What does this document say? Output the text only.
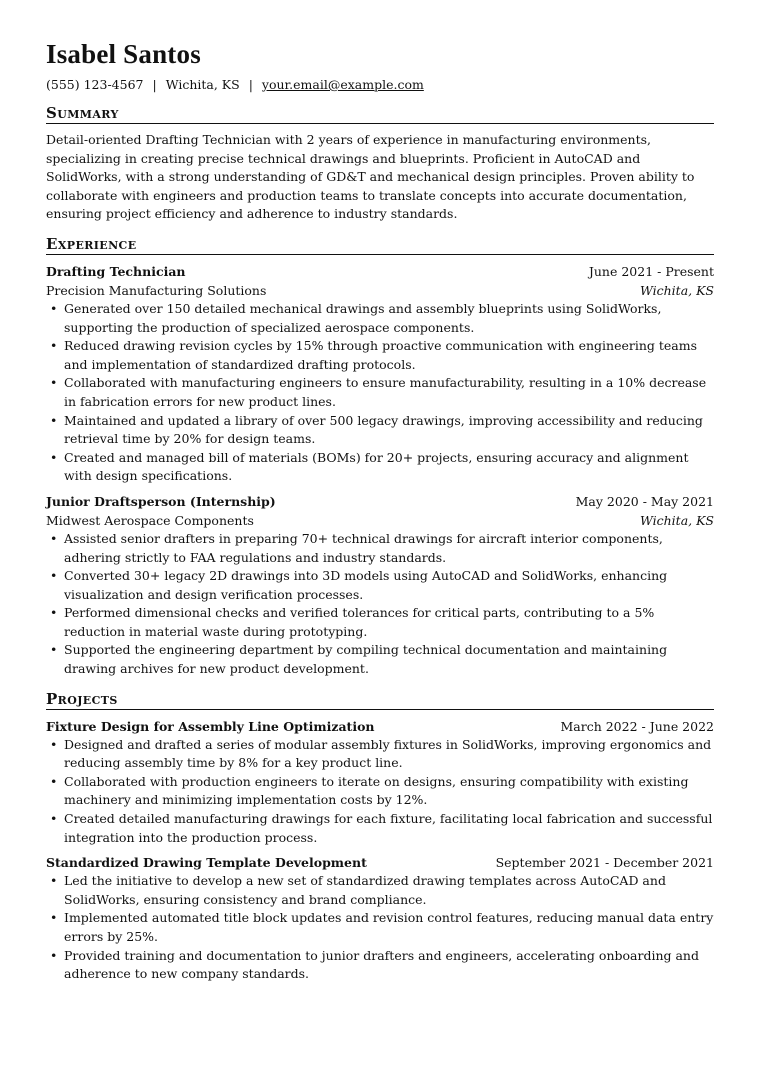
Isabel Santos
(555) 123-4567 | Wichita, KS | your.email@example.com
Summary
Detail-oriented Drafting Technician with 2 years of experience in manufacturing environments, specializing in creating precise technical drawings and blueprints. Proficient in AutoCAD and SolidWorks, with a strong understanding of GD&T and mechanical design principles. Proven ability to collaborate with engineers and production teams to translate concepts into accurate documentation, ensuring project efficiency and adherence to industry standards.
Experience
Drafting Technician	June 2021 - Present
Precision Manufacturing Solutions	Wichita, KS
• Generated over 150 detailed mechanical drawings and assembly blueprints using SolidWorks, supporting the production of specialized aerospace components.
• Reduced drawing revision cycles by 15% through proactive communication with engineering teams and implementation of standardized drafting protocols.
• Collaborated with manufacturing engineers to ensure manufacturability, resulting in a 10% decrease in fabrication errors for new product lines.
• Maintained and updated a library of over 500 legacy drawings, improving accessibility and reducing retrieval time by 20% for design teams.
• Created and managed bill of materials (BOMs) for 20+ projects, ensuring accuracy and alignment with design specifications.
Junior Draftsperson (Internship)	May 2020 - May 2021
Midwest Aerospace Components	Wichita, KS
• Assisted senior drafters in preparing 70+ technical drawings for aircraft interior components, adhering strictly to FAA regulations and industry standards.
• Converted 30+ legacy 2D drawings into 3D models using AutoCAD and SolidWorks, enhancing visualization and design verification processes.
• Performed dimensional checks and verified tolerances for critical parts, contributing to a 5% reduction in material waste during prototyping.
• Supported the engineering department by compiling technical documentation and maintaining drawing archives for new product development.
Projects
Fixture Design for Assembly Line Optimization	March 2022 - June 2022
• Designed and drafted a series of modular assembly fixtures in SolidWorks, improving ergonomics and reducing assembly time by 8% for a key product line.
• Collaborated with production engineers to iterate on designs, ensuring compatibility with existing machinery and minimizing implementation costs by 12%.
• Created detailed manufacturing drawings for each fixture, facilitating local fabrication and successful integration into the production process.
Standardized Drawing Template Development	September 2021 - December 2021
• Led the initiative to develop a new set of standardized drawing templates across AutoCAD and SolidWorks, ensuring consistency and brand compliance.
• Implemented automated title block updates and revision control features, reducing manual data entry errors by 25%.
• Provided training and documentation to junior drafters and engineers, accelerating onboarding and adherence to new company standards.
